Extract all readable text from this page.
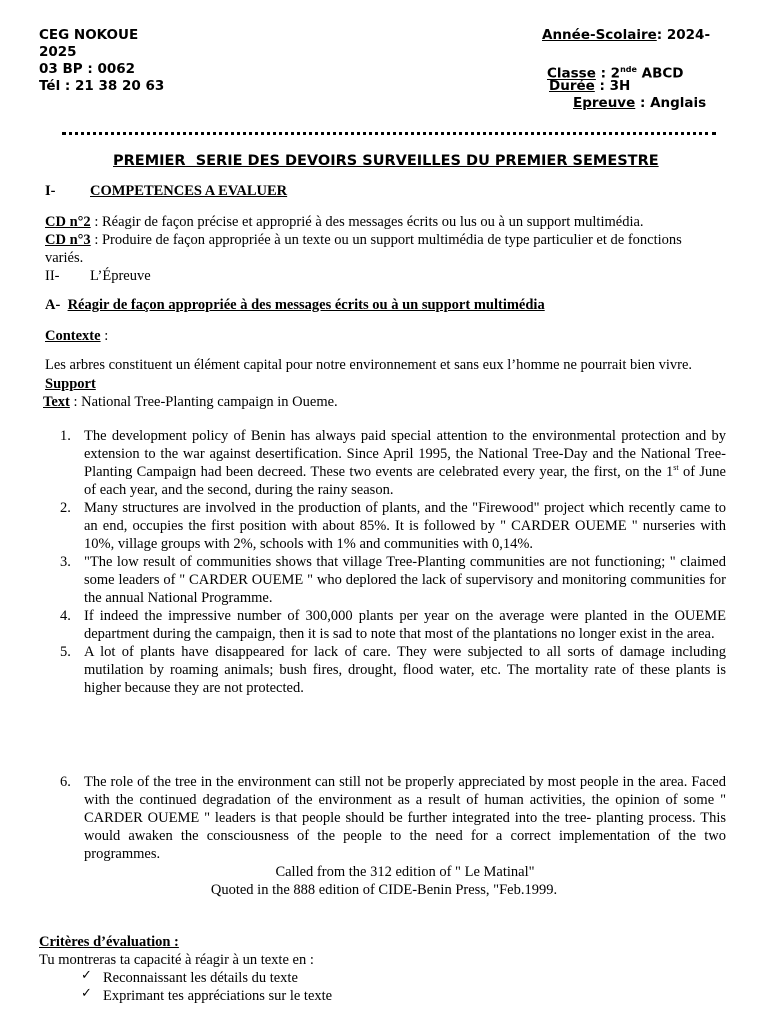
CEG NOKOUE
2025
03 BP : 0062
Tél : 21 38 20 63
Année-Scolaire: 2024-
Classe : 2nde ABCD
Durée : 3H
Epreuve : Anglais
PREMIER  SERIE DES DEVOIRS SURVEILLES DU PREMIER SEMESTRE
I- COMPETENCES A EVALUER
CD n°2 : Réagir de façon précise et approprié à des messages écrits ou lus ou à un support multimédia.
CD n°3 : Produire de façon appropriée à un texte ou un support multimédia de type particulier et de fonctions
variés.
II- L’Épreuve
A- Réagir de façon appropriée à des messages écrits ou à un support multimédia
Contexte :
Les arbres constituent un élément capital pour notre environnement et sans eux l’homme ne pourrait bien vivre.
Support
Text : National Tree-Planting campaign in Oueme.
1. The development policy of Benin has always paid special attention to the environmental protection and by extension to the war against desertification. Since April 1995, the National Tree-Day and the National Tree-Planting Campaign had been decreed. These two events are celebrated every year, the first, on the 1st of June of each year, and the second, during the rainy season.
2. Many structures are involved in the production of plants, and the "Firewood" project which recently came to an end, occupies the first position with about 85%. It is followed by " CARDER OUEME " nurseries with 10%, village groups with 2%, schools with 1% and communities with 0,14%.
3. "The low result of communities shows that village Tree-Planting communities are not functioning; " claimed some leaders of " CARDER OUEME " who deplored the lack of supervisory and monitoring communities for the annual National Programme.
4. If indeed the impressive number of 300,000 plants per year on the average were planted in the OUEME department during the campaign, then it is sad to note that most of the plantations no longer exist in the area.
5. A lot of plants have disappeared for lack of care. They were subjected to all sorts of damage including mutilation by roaming animals; bush fires, drought, flood water, etc. The mortality rate of these plants is higher because they are not protected.
6. The role of the tree in the environment can still not be properly appreciated by most people in the area. Faced with the continued degradation of the environment as a result of human activities, the opinion of some " CARDER OUEME " leaders is that people should be further integrated into the tree- planting process. This would awaken the consciousness of the people to the need for a correct implementation of the two programmes.
Called from the 312 edition of " Le Matinal"
Quoted in the 888 edition of CIDE-Benin Press, "Feb.1999.
Critères d’évaluation :
Tu montreras ta capacité à réagir à un texte en :
✓ Reconnaissant les détails du texte
✓ Exprimant tes appréciations sur le texte
